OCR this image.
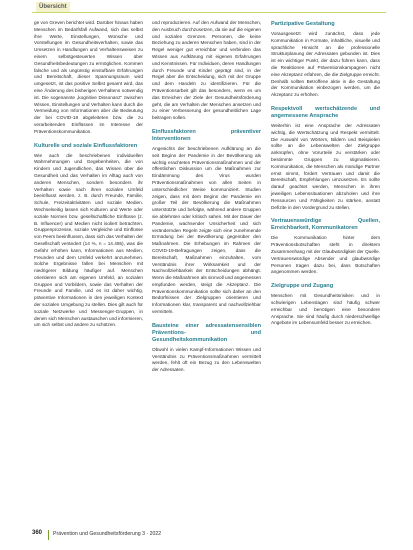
Übersicht

ge von Greven berichtet wird. Darüber hinaus haben Menschen im Bedarfsfall Aufwand, sich das selbst ihre Werte, Einstellungen, Wünsche und Vorstellungen im Gesundheitsverhalten, sowie das Umsetzen in Handlungen und Verhaltensweisen zu einem selbstgesteuerten Wissen über Gesundheitsbedeutungen zu ermöglichen. Kommen falsche und als ungünstig einstufbare Erfahrungen und Bereitschaft, dieser Spannungsraum wird umgesetzt, ist das positive Selbst gesamt wird, das eine Änderung des bisherigen Verhaltens notwendig ist. Die sogenannte „kognitive Dissonanz“ zwischen Wissen, Einstellungen und Verhalten kann durch die Vermeidung von Informationen aber die Bedeutung der bei COVID-19 abgeleiteten bzw. die zu verarbeitenden Einflüssen im Interesse der Präventionskommunikation.

Kulturelle und soziale Einflussfaktoren

Wie auch die beschriebenen individuellen Wahrnehmungen und Gegebenheiten, die von Kindern und Jugendlichen, das Wissen über die Gesundheit und das Verhalten im Alltag auch von anderen Menschen, sondern besonders ihr Verhalten sowie nach ihren sozialen Umfeld beeinflusst werden, z. B. durch Freunde, Familie, Schule, Freizeitaktivitäten und soziale Medien. Wechselseitig lassen sich Kulturen und Werte oder soziale Normen bzw. gesellschaftliche Einflüsse (z. B. Influencer) und Medien nicht isoliert betrachten. Gruppenprozesse, soziale Vergleiche und Einflüsse von Peers beeinflussen, dass sich das Verhalten der Gesellschaft verändert (14 %, n = 14.455), was die Gefahr erhöhen kann, Informationen aus Medien, Freunden und dem Umfeld verkehrt anzunehmen. Solche Ergebnisse fallen bei Menschen mit niedrigerer Bildung häufiger auf. Menschen orientieren sich am eigenen Umfeld, an sozialen Gruppen und Vorbildern, sowie das Verhalten der Freunde und Familie, und es ist daher wichtig, präventive Informationen in den jeweiligen Kontext der sozialen Umgebung zu stellen. Dies gilt auch für soziale Netzwerke und Messenger-Gruppen, in denen sich Menschen austauschen und informieren, um sich selbst und andere zu schützen.

und reproduzieren. Auf den Aufwand der Menschen, den Ausbruch durchzusetzen, da sie auf die eigenen und sozialen Grenzen. Personen, die keine Beziehung zu anderen Menschen haben, sind in der Regel weniger gut erreichbar und verbinden das Wissen aus Aufklärung mit eigenen Erfahrungen und Kenntnissen. Für Individuen, deren Handlungen durch Freunde und Kinder geprägt sind, in der Regel aber die Entscheidung, sich mit der Gruppe und dem Handeln zu identifizieren. Für die Präventionsarbeit gilt das besonders, wenn es um das Erreichen der Ziele der Gesundheitsförderung geht, die am Verhalten der Menschen ansetzen und zu einer Verbesserung der gesundheitlichen Lage beitragen sollen.

Einflussfaktoren präventiver Interventionen

Angesichts der beschriebenen Aufklärung an die seit Beginn der Pandemie in der Bevölkerung als wichtig erachteten Präventionsmaßnahmen und der öffentlichen Diskussion um die Maßnahmen zur Eindämmung des Virus wurden Präventionsmaßnahmen von allen Seiten in unterschiedlicher Weise kommuniziert. Studien zeigen, dass mit dem Beginn der Pandemie ein großer Teil der Bevölkerung die Maßnahmen unterstützte und befolgte, während andere Gruppen sie ablehnten oder kritisch sahen. Mit der Dauer der Pandemie, wachsender Unsicherheit und sich verändernden Regeln zeigte sich eine zunehmende Ermüdung bei der Bevölkerung gegenüber den Maßnahmen. Die Erhebungen im Rahmen der COVID-19-Befragungen zeigen, dass die Bereitschaft, Maßnahmen einzuhalten, vom Verständnis ihrer Wirksamkeit und der Nachvollziehbarkeit der Entscheidungen abhängt. Wenn die Maßnahmen als sinnvoll und angemessen empfunden werden, steigt die Akzeptanz. Die Präventionskommunikation sollte sich daher an den Bedürfnissen der Zielgruppen orientieren und Informationen klar, transparent und nachvollziehbar vermitteln.

Bausteine einer adressatensensiblen Präventions- und Gesundheitskommunikation

Obwohl in vielen Kampf-Informationen Wissen und Verständnis zu Präventionsmaßnahmen vermittelt werden, fehlt oft ein Bezug zu den Lebenswelten der Adressaten.

Partizipative Gestaltung

Vorausgesetzt wird zunächst, dass jede Kommunikation in Formate, inhaltliche, visuelle und sprachliche Hinsicht an die professionelle Strukturplanung der Adressaten gebunden ist. Dies ist ein wichtiger Punkt, der dazu führen kann, dass die Reaktionen auf Präventionskampagnen nicht eine Akzeptanz erfahren, die die Zielgruppe erreicht. Deshalb sollten Betroffene aktiv in die Gestaltung der Kommunikation einbezogen werden, um die Akzeptanz zu erhöhen.

Respektvoll wertschätzende und angemessene Ansprache

Weiterhin ist eine Ansprache der Adressaten wichtig, die Wertschätzung und Respekt vermittelt. Die Auswahl von Wörtern, Bildern und Beispielen sollte an die Lebenswelten der Zielgruppe anknüpfen, ohne Vorurteile zu verstärken oder bestimmte Gruppen zu stigmatisieren. Kommunikation, die Menschen als mündige Partner ernst nimmt, fördert Vertrauen und damit die Bereitschaft, Empfehlungen umzusetzen. Es sollte darauf geachtet werden, Menschen in ihren jeweiligen Lebenssituationen abzuholen und ihre Ressourcen und Fähigkeiten zu stärken, anstatt Defizite in den Vordergrund zu stellen.

Vertrauenswürdige Quellen, Erreichbarkeit, Kommunikatoren

Die Kommunikation hinter dem Präventionsbotschaften steht in direktem Zusammenhang mit der Glaubwürdigkeit der Quelle. Vertrauenswürdige Absender und glaubwürdige Personen tragen dazu bei, dass Botschaften angenommen werden.

Zielgruppe und Zugang

Menschen mit Gesundheitsrisiken und in schwierigen Lebenslagen sind häufig schwer erreichbar und benötigen eine besondere Ansprache. Sie sind häufig durch niederschwellige Angebote im Lebensumfeld besser zu erreichen.

360 Prävention und Gesundheitsförderung 3 · 2022
